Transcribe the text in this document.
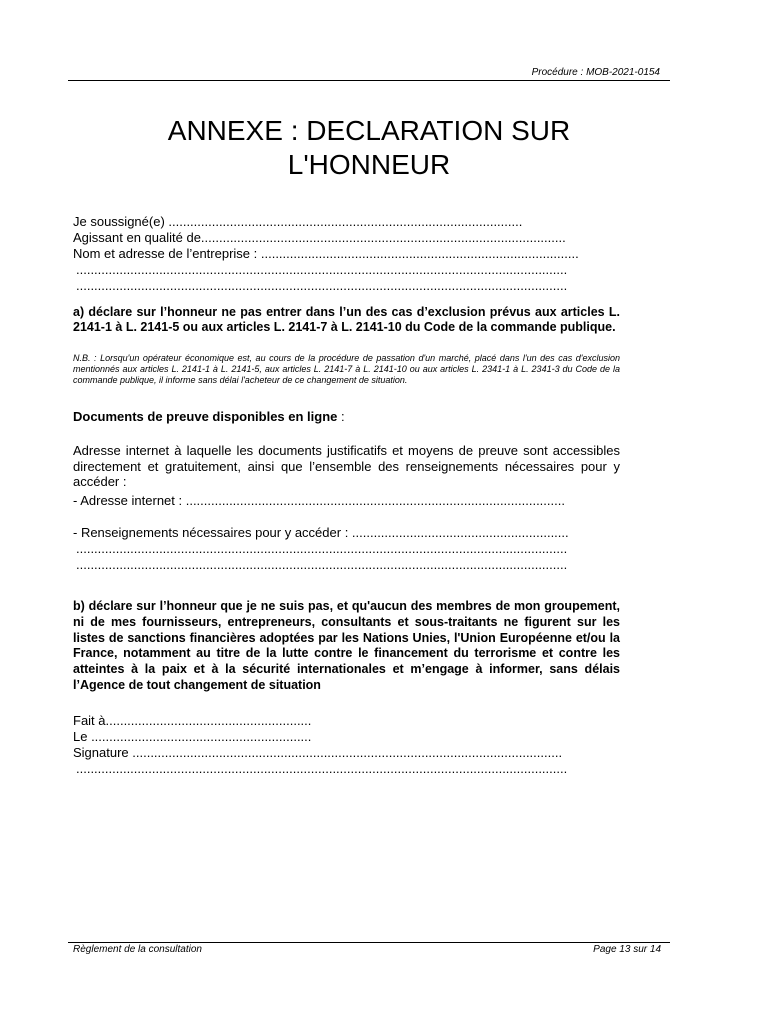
Procédure : MOB-2021-0154
ANNEXE : DECLARATION SUR
L'HONNEUR
Je soussigné(e) ..................................................................................................
Agissant en qualité de.....................................................................................................
Nom et adresse de l’entreprise : ........................................................................................
........................................................................................................................................
........................................................................................................................................
a) déclare sur l’honneur ne pas entrer dans l’un des cas d’exclusion prévus aux articles L. 2141-1 à L. 2141-5 ou aux articles L. 2141-7 à L. 2141-10 du Code de la commande publique.
N.B. : Lorsqu'un opérateur économique est, au cours de la procédure de passation d'un marché, placé dans l'un des cas d'exclusion mentionnés aux articles L. 2141-1 à L. 2141-5, aux articles L. 2141-7 à L. 2141-10 ou aux articles L. 2341-1 à L. 2341-3 du Code de la commande publique, il informe sans délai l'acheteur de ce changement de situation.
Documents de preuve disponibles en ligne :
Adresse internet à laquelle les documents justificatifs et moyens de preuve sont accessibles directement et gratuitement, ainsi que l’ensemble des renseignements nécessaires pour y accéder :
- Adresse internet : .........................................................................................................
- Renseignements nécessaires pour y accéder : ............................................................
........................................................................................................................................
........................................................................................................................................
b) déclare sur l’honneur que je ne suis pas, et qu'aucun des membres de mon groupement, ni de mes fournisseurs, entrepreneurs, consultants et sous-traitants ne figurent sur les listes de sanctions financières adoptées par les Nations Unies, l'Union Européenne et/ou la France, notamment au titre de la lutte contre le financement du terrorisme et contre les atteintes à la paix et à la sécurité internationales et m’engage à informer, sans délais l’Agence de tout changement de situation
Fait à.........................................................
Le .............................................................
Signature .......................................................................................................................
........................................................................................................................................
Règlement de la consultation	Page 13 sur 14
